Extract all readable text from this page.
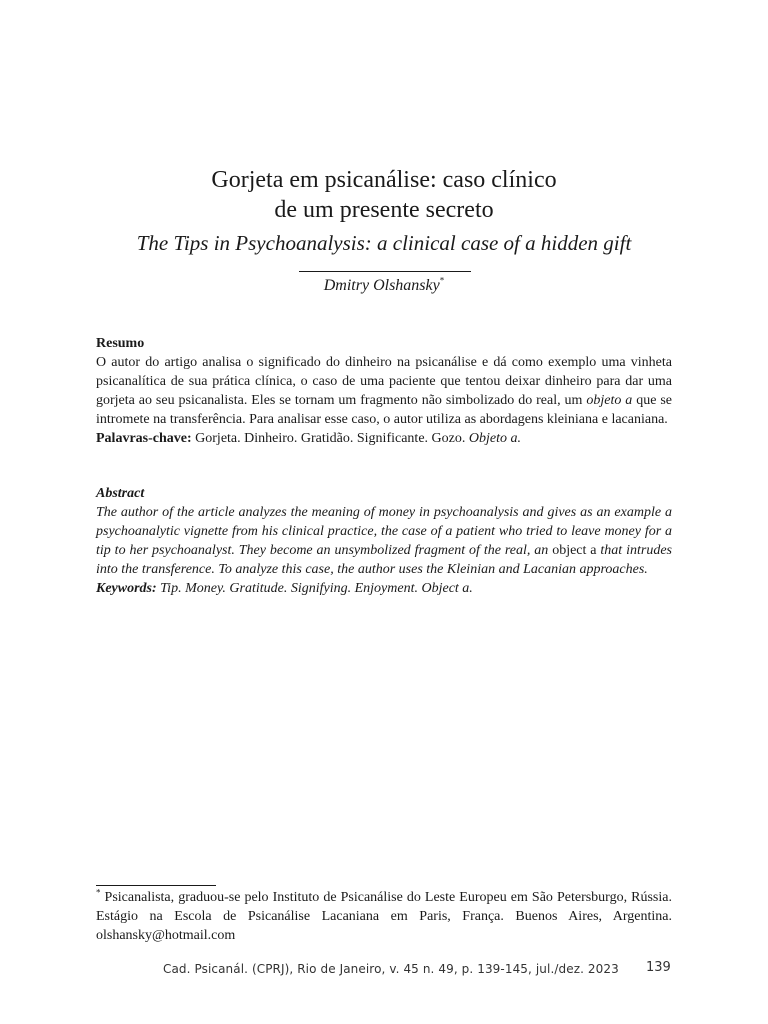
Gorjeta em psicanálise: caso clínico
de um presente secreto
The Tips in Psychoanalysis: a clinical case of a hidden gift
Dmitry Olshansky*
Resumo

O autor do artigo analisa o significado do dinheiro na psicanálise e dá como exemplo uma vinheta psicanalítica de sua prática clínica, o caso de uma paciente que tentou deixar dinheiro para dar uma gorjeta ao seu psicanalista. Eles se tornam um fragmento não simbolizado do real, um objeto a que se intromete na transferência. Para analisar esse caso, o autor utiliza as abordagens kleiniana e lacaniana.

Palavras-chave: Gorjeta. Dinheiro. Gratidão. Significante. Gozo. Objeto a.

Abstract

The author of the article analyzes the meaning of money in psychoanalysis and gives as an example a psychoanalytic vignette from his clinical practice, the case of a patient who tried to leave money for a tip to her psychoanalyst. They become an unsymbolized fragment of the real, an object a that intrudes into the transference. To analyze this case, the author uses the Kleinian and Lacanian approaches.

Keywords: Tip. Money. Gratitude. Signifying. Enjoyment. Object a.

* Psicanalista, graduou-se pelo Instituto de Psicanálise do Leste Europeu em São Petersburgo, Rússia. Estágio na Escola de Psicanálise Lacaniana em Paris, França. Buenos Aires, Argentina. olshansky@hotmail.com
Cad. Psicanál. (CPRJ), Rio de Janeiro, v. 45 n. 49, p. 139-145, jul./dez. 2023 139
